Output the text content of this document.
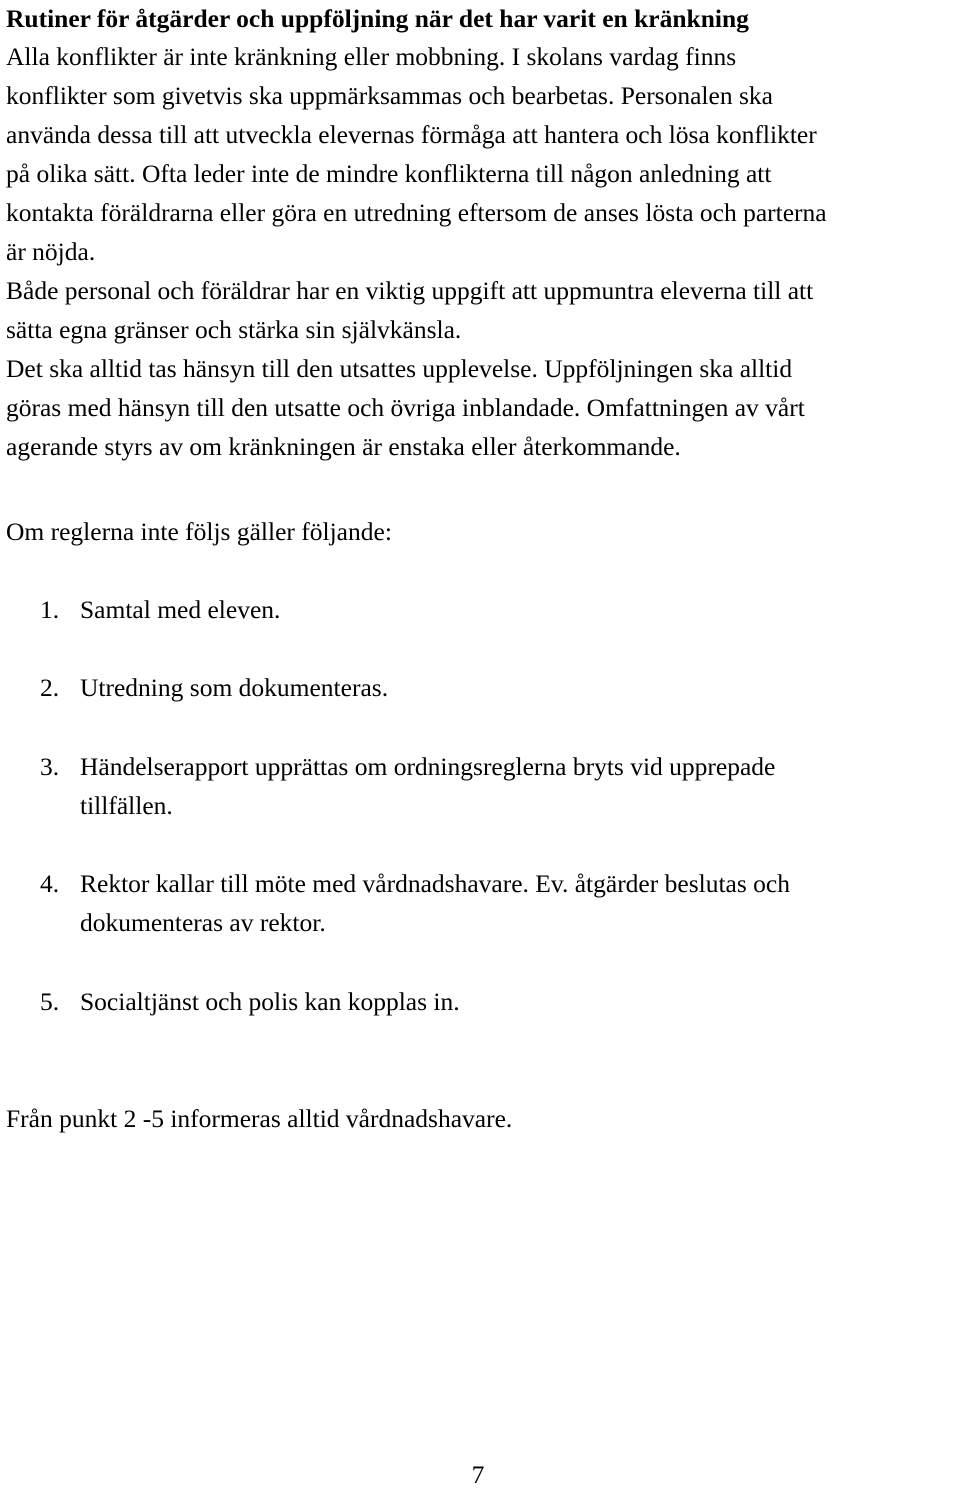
Rutiner för åtgärder och uppföljning när det har varit en kränkning
Alla konflikter är inte kränkning eller mobbning. I skolans vardag finns
konflikter som givetvis ska uppmärksammas och bearbetas. Personalen ska
använda dessa till att utveckla elevernas förmåga att hantera och lösa konflikter
på olika sätt. Ofta leder inte de mindre konflikterna till någon anledning att
kontakta föräldrarna eller göra en utredning eftersom de anses lösta och parterna
är nöjda.
Både personal och föräldrar har en viktig uppgift att uppmuntra eleverna till att
sätta egna gränser och stärka sin självkänsla.
Det ska alltid tas hänsyn till den utsattes upplevelse. Uppföljningen ska alltid
göras med hänsyn till den utsatte och övriga inblandade. Omfattningen av vårt
agerande styrs av om kränkningen är enstaka eller återkommande.
Om reglerna inte följs gäller följande:
1. Samtal med eleven.
2. Utredning som dokumenteras.
3. Händelserapport upprättas om ordningsreglerna bryts vid upprepade
tillfällen.
4. Rektor kallar till möte med vårdnadshavare. Ev. åtgärder beslutas och
dokumenteras av rektor.
5. Socialtjänst och polis kan kopplas in.
Från punkt 2 -5 informeras alltid vårdnadshavare.
7
